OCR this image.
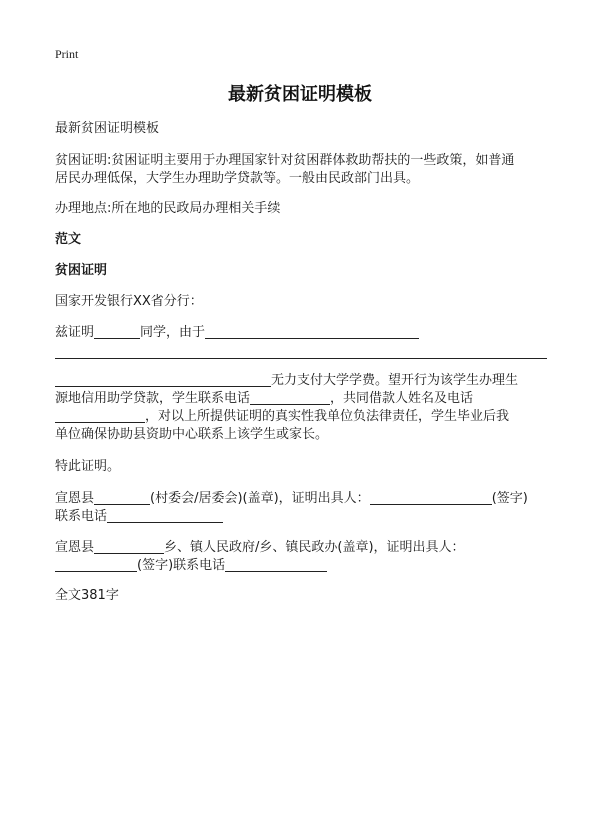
Print
最新贫困证明模板
最新贫困证明模板
贫困证明:贫困证明主要用于办理国家针对贫困群体救助帮扶的一些政策，如普通
居民办理低保，大学生办理助学贷款等。一般由民政部门出具。
办理地点:所在地的民政局办理相关手续
范文
贫困证明
国家开发银行XX省分行：
兹证明	同学，由于
无力支付大学学费。望开行为该学生办理生
源地信用助学贷款，学生联系电话	，共同借款人姓名及电话
，对以上所提供证明的真实性我单位负法律责任，学生毕业后我
单位确保协助县资助中心联系上该学生或家长。
特此证明。
宣恩县	(村委会/居委会)(盖章)，证明出具人：	(签字)
联系电话
宣恩县	乡、镇人民政府/乡、镇民政办(盖章)，证明出具人：
(签字)联系电话
全文381字
